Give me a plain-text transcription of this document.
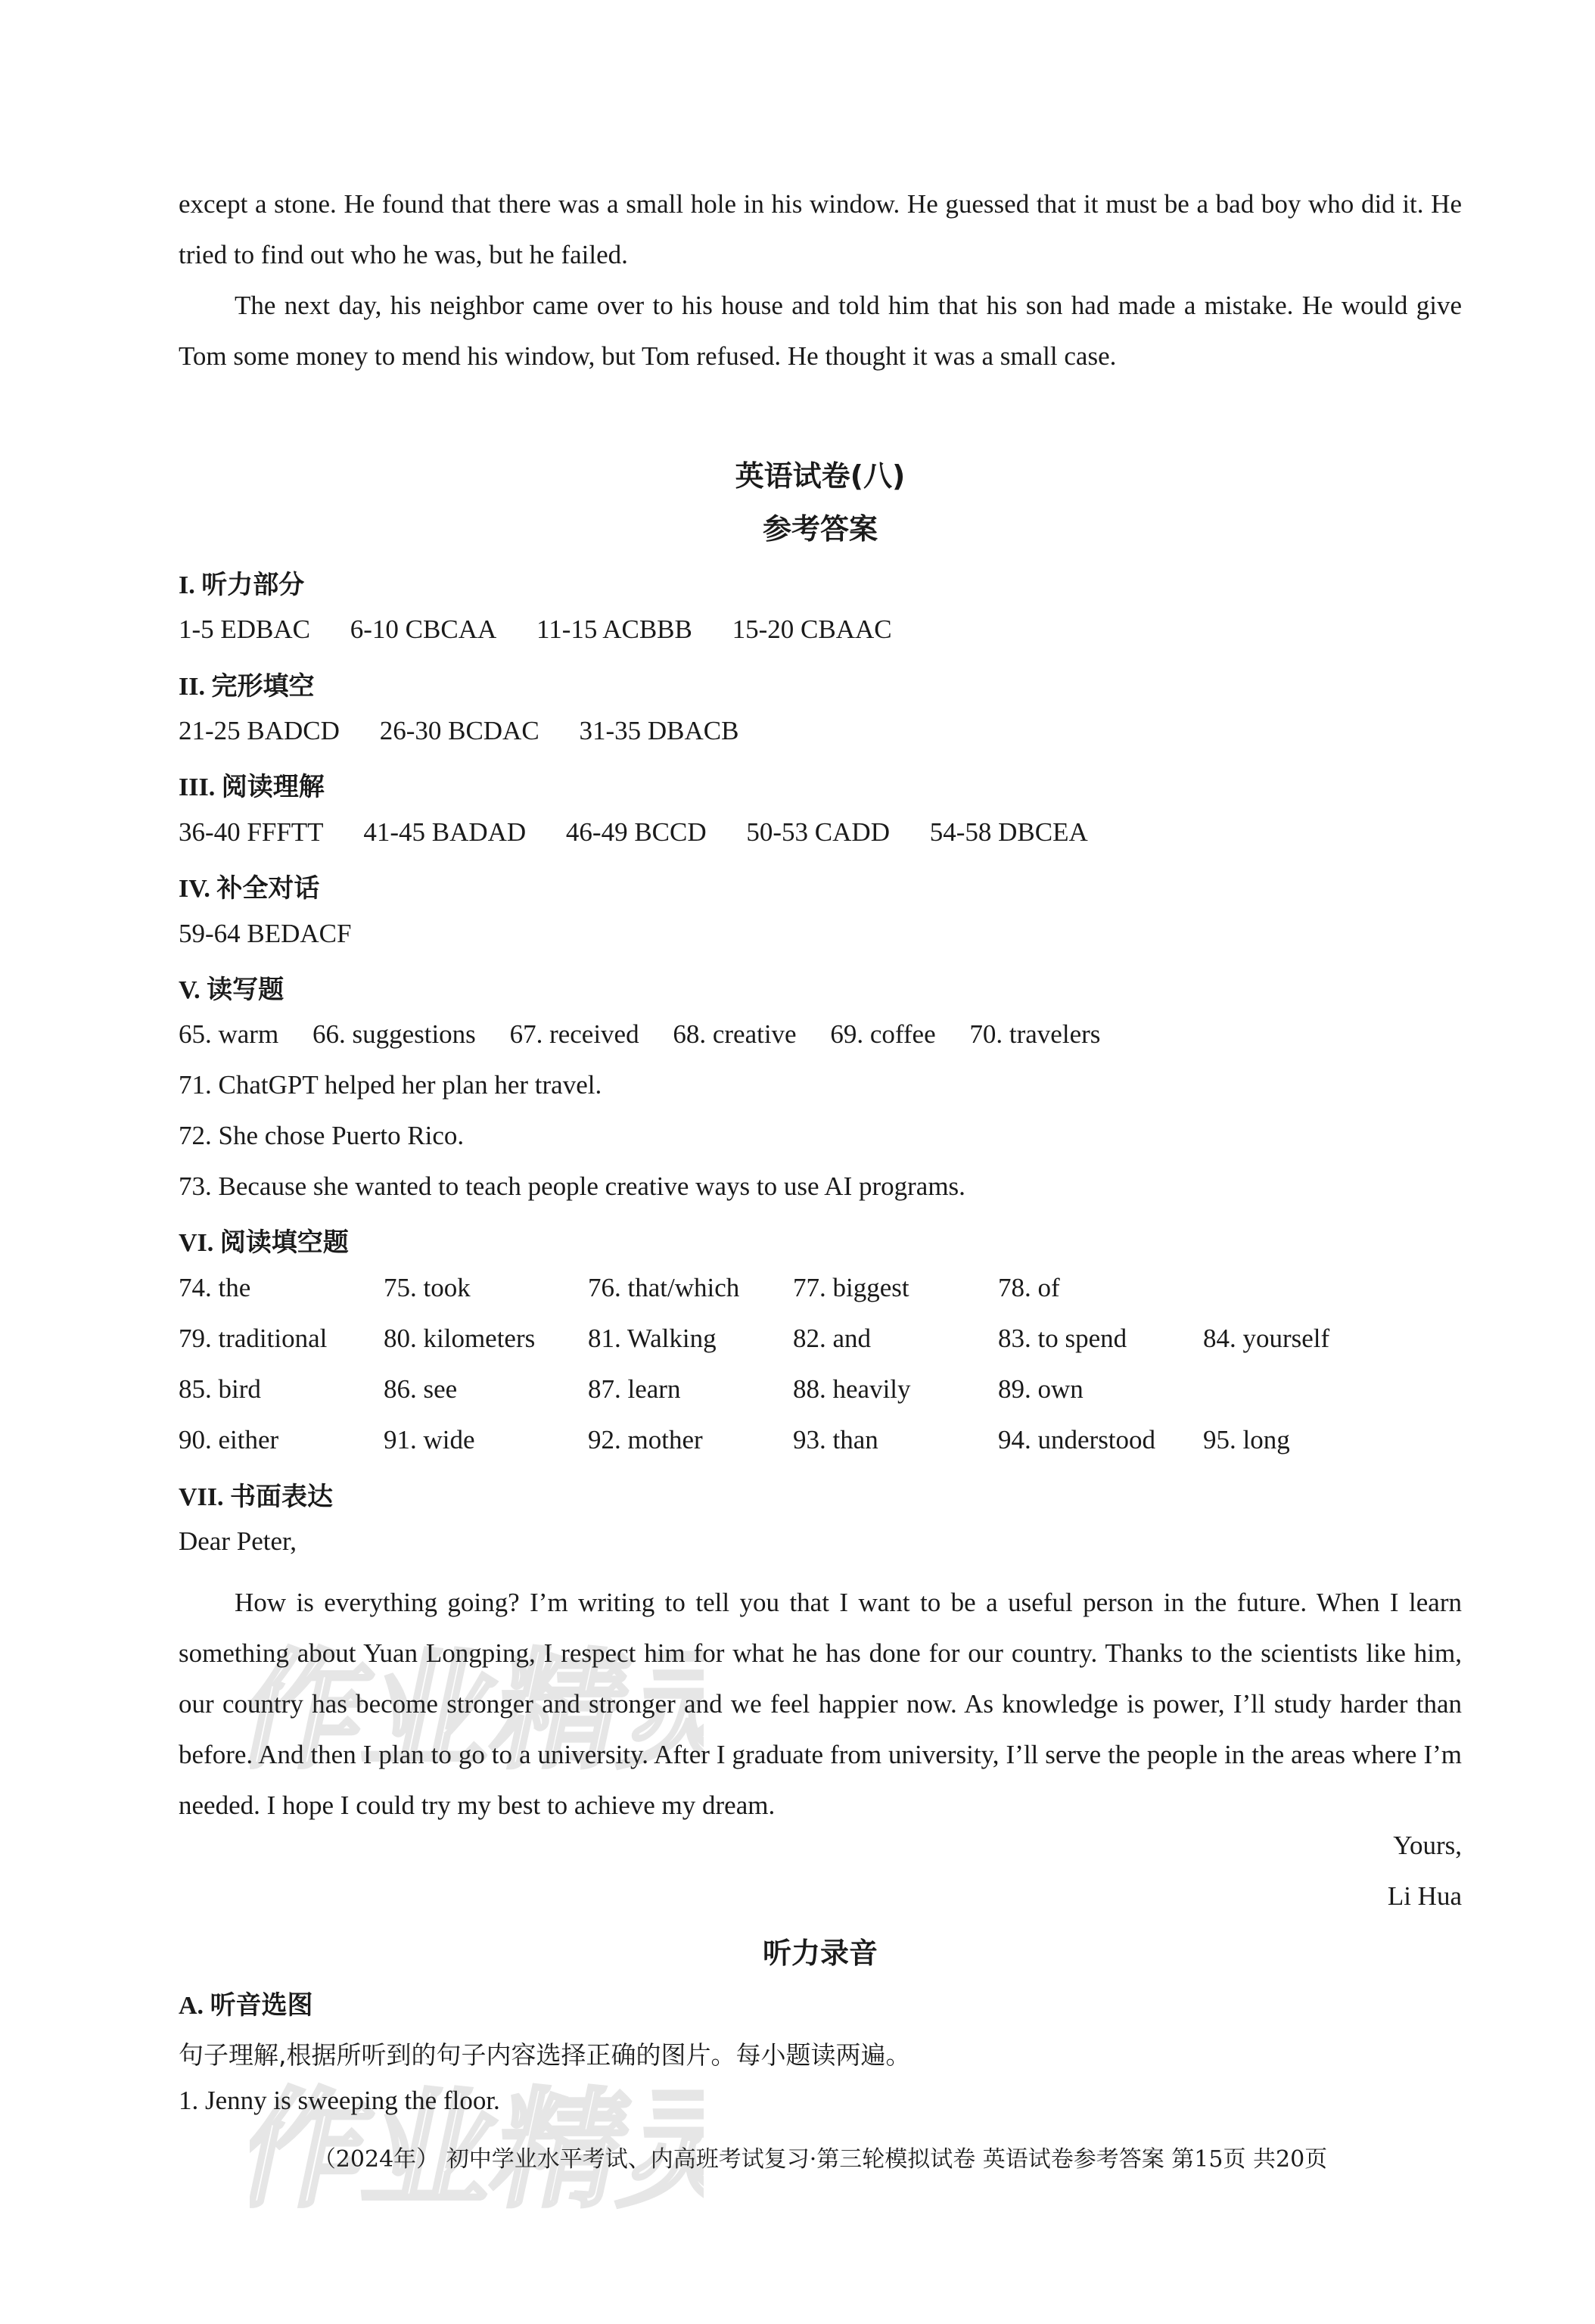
except a stone. He found that there was a small hole in his window. He guessed that it must be a bad boy who did it. He tried to find out who he was, but he failed.

The next day, his neighbor came over to his house and told him that his son had made a mistake. He would give Tom some money to mend his window, but Tom refused. He thought it was a small case.

英语试卷(八)
参考答案
I. 听力部分
1-5 EDBAC 6-10 CBCAA 11-15 ACBBB 15-20 CBAAC
II. 完形填空
21-25 BADCD 26-30 BCDAC 31-35 DBACB
III. 阅读理解
36-40 FFFTT 41-45 BADAD 46-49 BCCD 50-53 CADD 54-58 DBCEA
IV. 补全对话
59-64 BEDACF
V. 读写题
65. warm 66. suggestions 67. received 68. creative 69. coffee 70. travelers
71. ChatGPT helped her plan her travel.
72. She chose Puerto Rico.
73. Because she wanted to teach people creative ways to use AI programs.
VI. 阅读填空题
74. the	75. took	76. that/which 77. biggest	78. of
79. traditional 80. kilometers 81. Walking	82. and	83. to spend	84. yourself
85. bird	86. see	87. learn	88. heavily	89. own
90. either	91. wide	92. mother	93. than	94. understood 95. long
VII. 书面表达
Dear Peter,

How is everything going? I’m writing to tell you that I want to be a useful person in the future. When I learn something about Yuan Longping, I respect him for what he has done for our country. Thanks to the scientists like him, our country has become stronger and stronger and we feel happier now. As knowledge is power, I’ll study harder than before. And then I plan to go to a university. After I graduate from university, I’ll serve the people in the areas where I’m needed. I hope I could try my best to achieve my dream.

Yours,
Li Hua
听力录音
A. 听音选图
句子理解,根据所听到的句子内容选择正确的图片。每小题读两遍。
1. Jenny is sweeping the floor.
（2024年） 初中学业水平考试、内高班考试复习·第三轮模拟试卷 英语试卷参考答案 第15页 共20页
作业精灵
作业精灵
